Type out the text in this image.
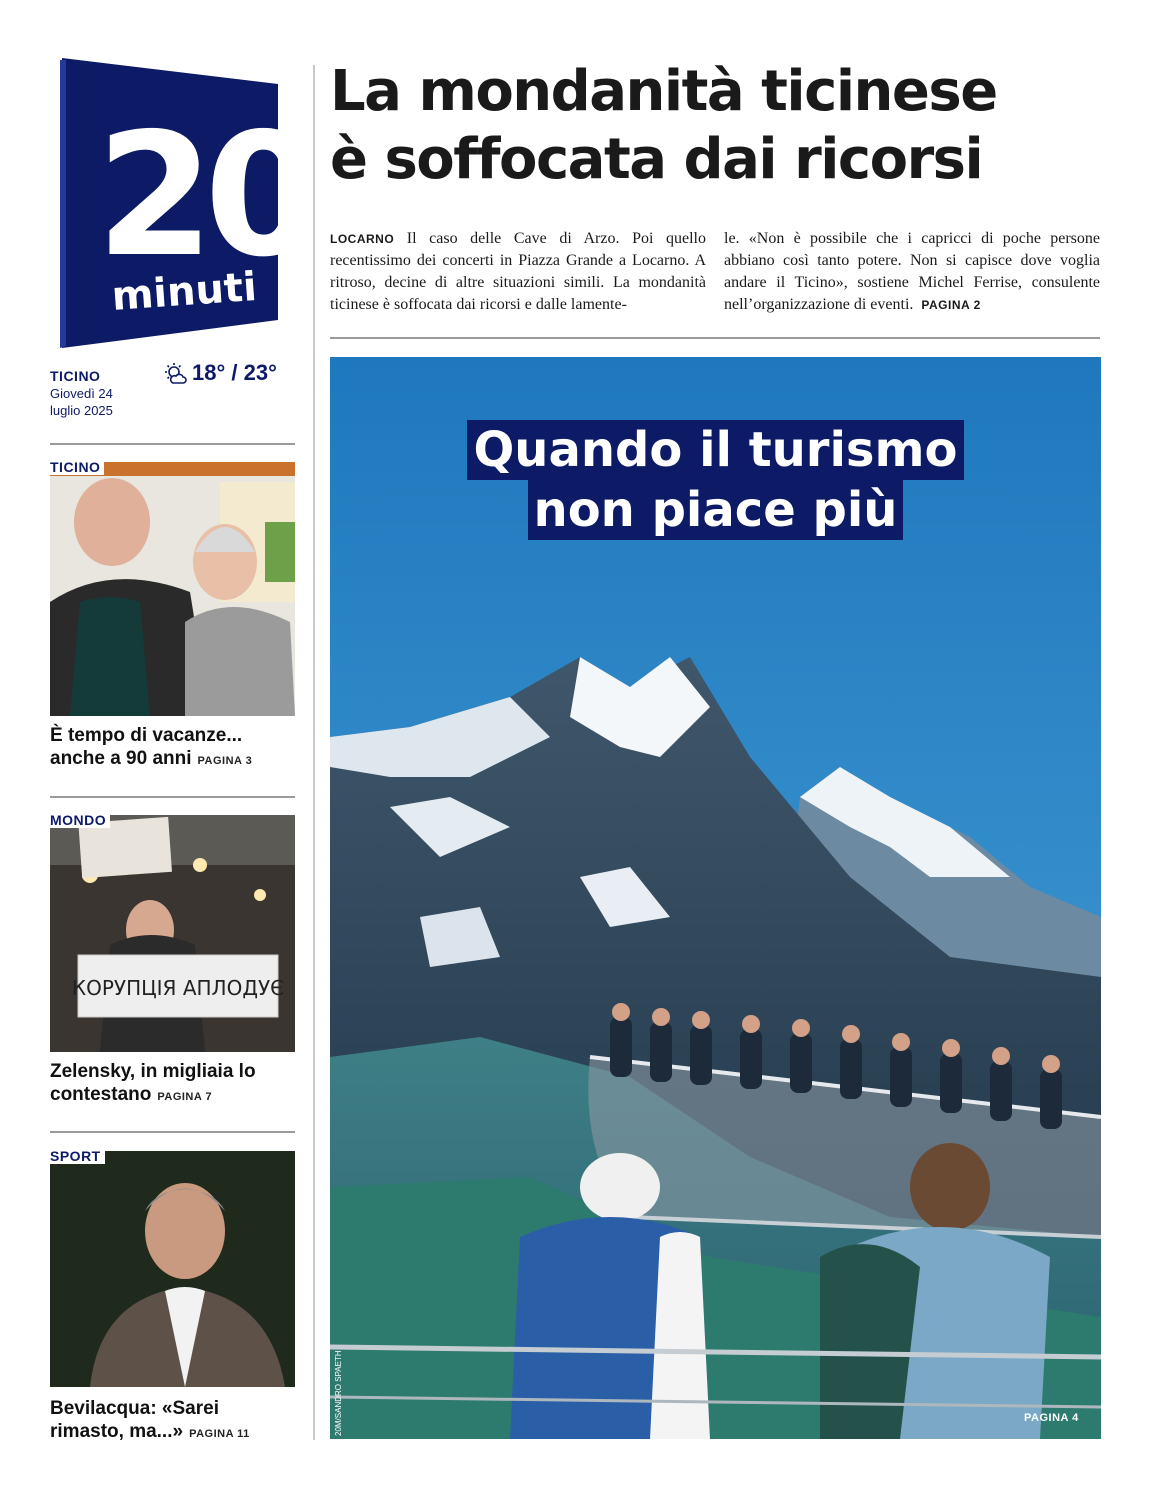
20
minuti
TICINO
Giovedì 24
luglio 2025
18° / 23°
TICINO
È tempo di vacanze...
anche a 90 anni PAGINA 3
КОРУПЦІЯ АПЛОДУЄ
MONDO
Zelensky, in migliaia lo
contestano PAGINA 7
SPORT
Bevilacqua: «Sarei
rimasto, ma...» PAGINA 11
La mondanità ticinese
è soffocata dai ricorsi
LOCARNO Il caso delle Cave di Arzo. Poi quello recentissimo dei concerti in Piazza Grande a Locarno. A ritroso, decine di altre situazioni simili. La mondanità ticinese è soffocata dai ricorsi e dalle lamente-
le. «Non è possibile che i capricci di poche persone abbiano così tanto potere. Non si capisce dove voglia andare il Ticino», sostiene Michel Ferrise, consulente nell’organizzazione di eventi. PAGINA 2
Quando il turismo
non piace più
20M/SANDRO SPAETH	PAGINA 4
